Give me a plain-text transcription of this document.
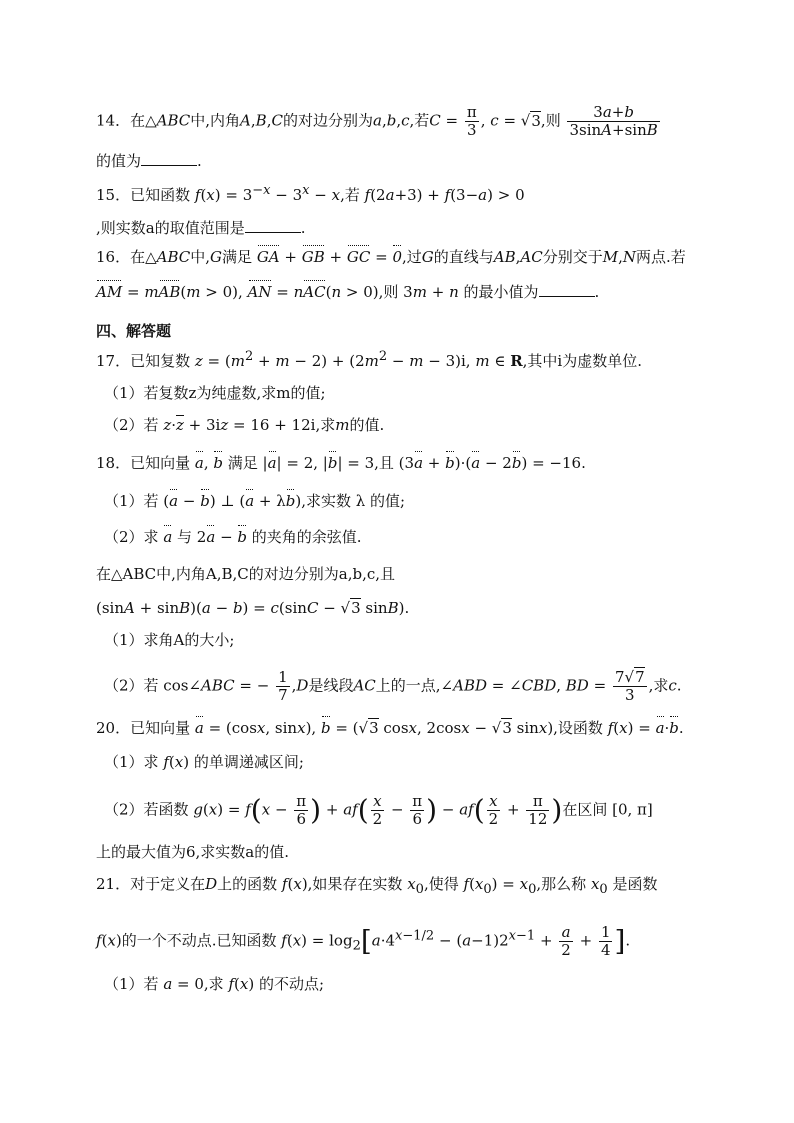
14．在△ABC中,内角A,B,C的对边分别为a,b,c,若$C = \frac{\pi}{3}$ , c = √3,则 $\frac{3a+b}{3\sin A+\sin B}$
的值为	.
15．已知函数 $f(x) = 3^{-x} - 3^x - x$,若 f(2a+3) + f(3−a) > 0
,则实数a的取值范围是	.
16．在△ABC中,G满足 GA + GB + GC = 0,过G的直线与AB,AC分别交于M,N两点.若
AM = mAB(m > 0), AN = nAC(n > 0),则 3m + n 的最小值为	.
四、解答题
17．已知复数 $z = (m^2 + m - 2) + (2m^2 - m - 3)i$, m ∈ R,其中i为虚数单位.
（1）若复数z为纯虚数,求m的值;
（2）若 z·z + 3iz = 16 + 12i,求m的值.
18．已知向量 a, b 满足 |a| = 2, |b| = 3,且 (3a + b)·(a − 2b) = −16.
（1）若 (a − b) ⊥ (a + λb),求实数 λ 的值;
（2）求 a 与 2a − b 的夹角的余弦值.
在△ABC中,内角A,B,C的对边分别为a,b,c,且
(sinA + sinB)(a − b) = c(sinC − √3 sinB).
（1）求角A的大小;
（2）若 cos∠ABC = − $\frac{1}{7} ,D$是线段AC上的一点,∠ABD = ∠CBD, BD = $\frac{7√7}{3}$ ,求c.
20．已知向量 a = (cosx, sinx), b = (√3 cosx, 2cosx − √3 sinx),设函数 f(x) = a·b.
（1）求 f(x) 的单调递减区间;
（2）若函数 $g(x) = f(x - \frac{\pi}{6}$ ) + $af( \frac{x}{2} - \frac{\pi}{6}$ ) − $af( \frac{x}{2} + \frac{\pi}{12}$ )在区间 [0, π]
上的最大值为6,求实数a的值.
21．对于定义在D上的函数 f(x),如果存在实数 $x_0$,使得 $f(x_0) = x_0$,那么称 $x_0$ 是函数
f(x)的一个不动点.已知函数 $f(x) = \log_2[a\cdot 4^{x-1/2} - (a-1)2^{x-1} + \frac{a}{2} + \frac{1}{4}$ ].
（1）若 a = 0,求 f(x) 的不动点;
